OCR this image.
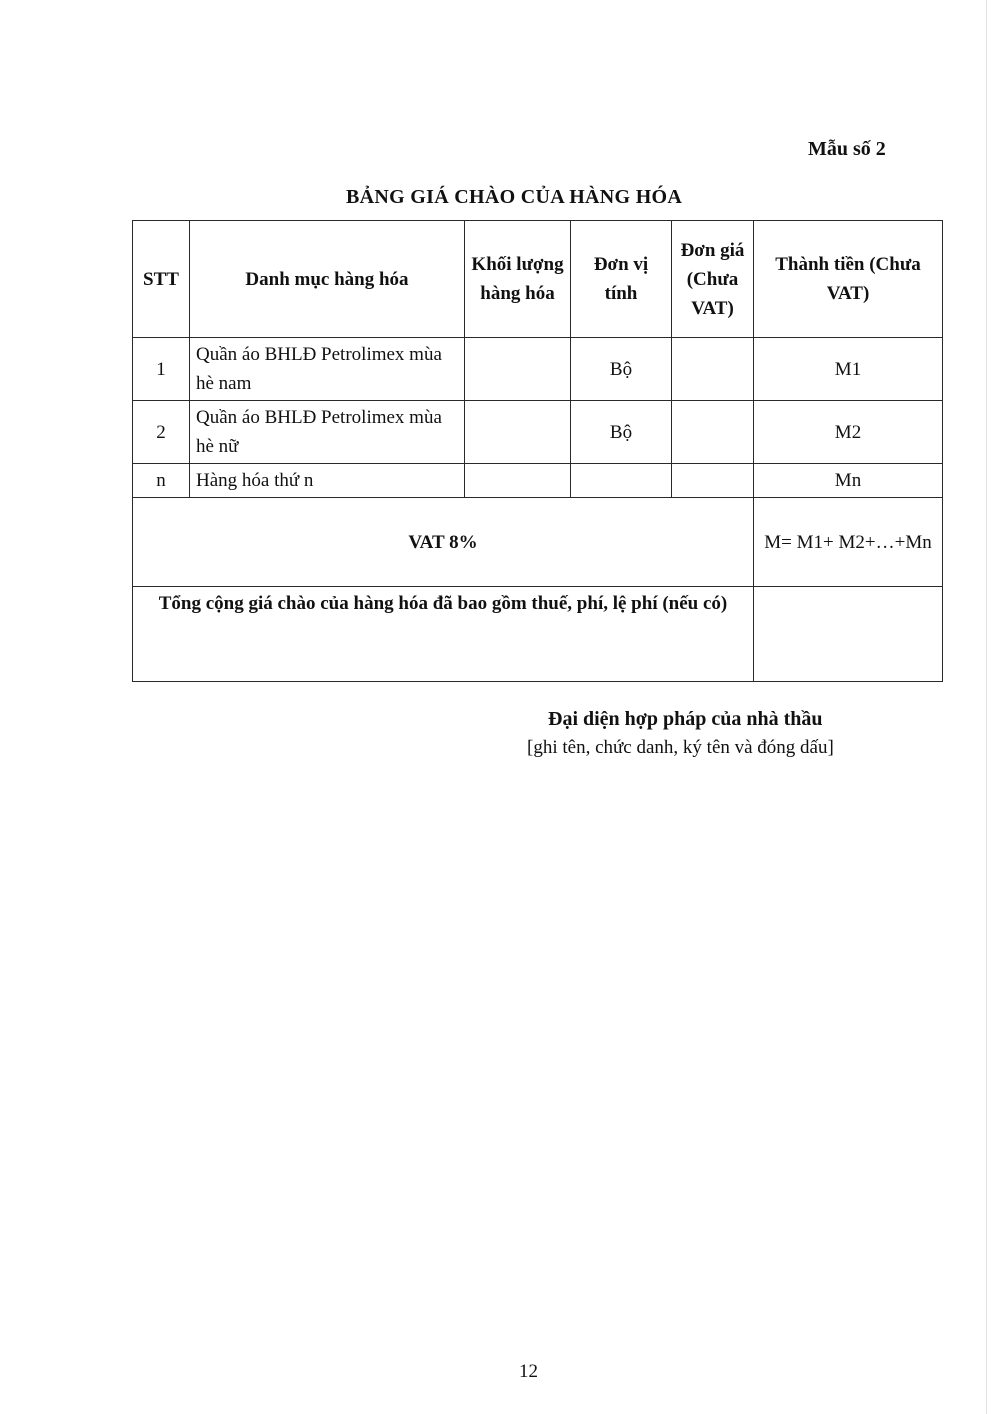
Mẫu số 2
BẢNG GIÁ CHÀO CỦA HÀNG HÓA
STT	Danh mục hàng hóa	Khối lượng hàng hóa	Đơn vị tính	Đơn giá (Chưa VAT)	Thành tiền (Chưa VAT)
1	Quần áo BHLĐ Petrolimex mùa hè nam		Bộ		M1
2	Quần áo BHLĐ Petrolimex mùa hè nữ		Bộ		M2
n	Hàng hóa thứ n				Mn
VAT 8%					M= M1+ M2+…+Mn
Tổng cộng giá chào của hàng hóa đã bao gồm thuế, phí, lệ phí (nếu có)					
Đại diện hợp pháp của nhà thầu
[ghi tên, chức danh, ký tên và đóng dấu]
12
